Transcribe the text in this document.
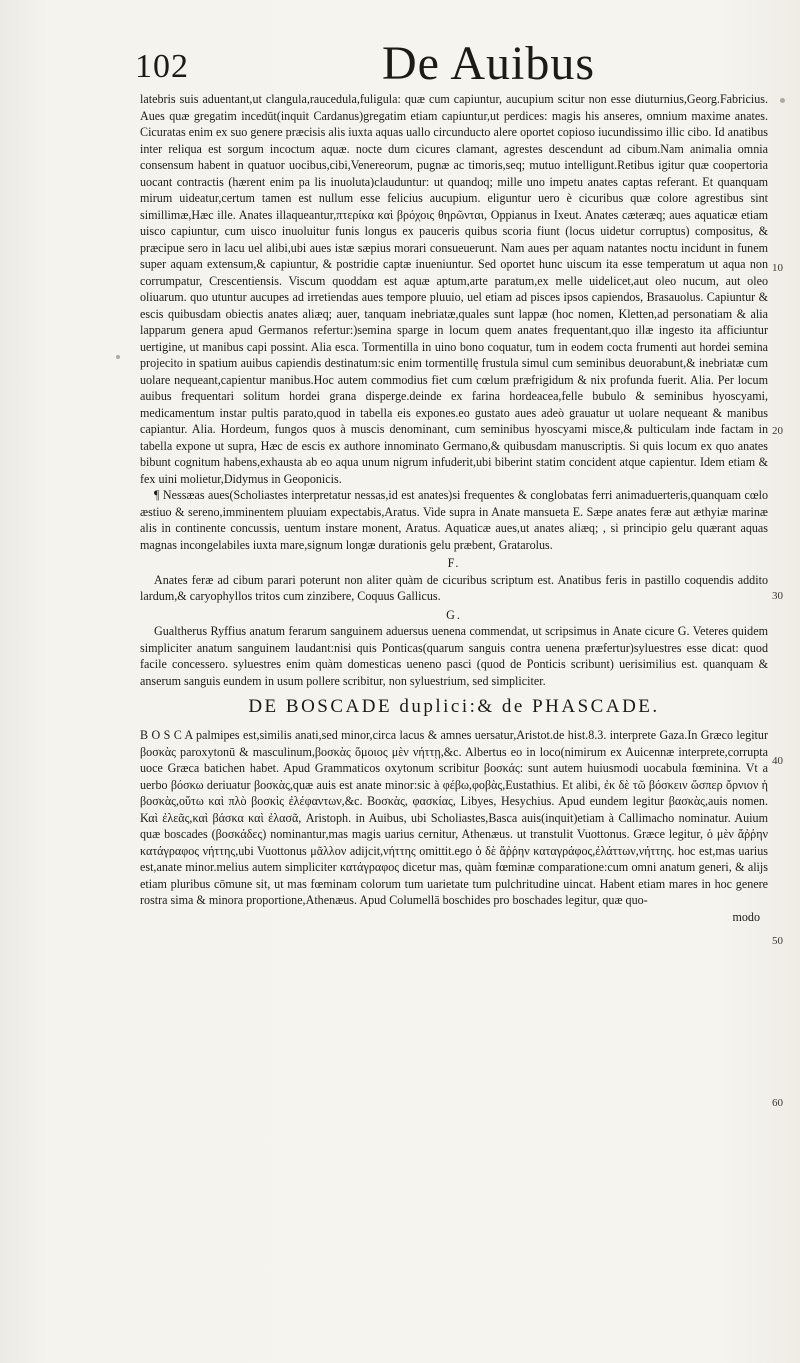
102	De Auibus

latebris suis aduentant,ut clangula,raucedula,fuligula: quæ cum capiuntur, aucupium scitur non esse diuturnius,Georg.Fabricius. Aues quæ gregatim incedūt(inquit Cardanus)gregatim etiam capiuntur,ut perdices: magis his anseres, omnium maxime anates. Cicuratas enim ex suo genere præcisis alis iuxta aquas uallo circunducto alere oportet copioso iucundissimo illic cibo. Id anatibus inter reliqua est sorgum incoctum aquæ. nocte dum cicures clamant, agrestes descendunt ad cibum.Nam animalia omnia consensum habent in quatuor uocibus,cibi,Venereorum, pugnæ ac timoris,seq; mutuo intelligunt.Retibus igitur quæ coopertoria uocant contractis (hærent enim pa lis inuoluta)clauduntur: ut quandoq; mille uno impetu anates captas referant. Et quanquam mirum uideatur,certum tamen est nullum esse felicius aucupium. eliguntur uero è cicuribus quæ colore agrestibus sint simillimæ,Hæc ille. Anates illaqueantur,πτερίκα καὶ βρόχοις θηρῶνται, Oppianus in Ixeut. Anates cæteræq; aues aquaticæ etiam uisco capiuntur, cum uisco inuoluitur funis longus ex pauceris quibus scoria fiunt (locus uidetur corruptus) compositus, & præcipue sero in lacu uel alibi,ubi aues istæ sæpius morari consueuerunt. Nam aues per aquam natantes noctu incidunt in funem super aquam extensum,& capiuntur, & postridie captæ inueniuntur. Sed oportet hunc uiscum ita esse temperatum ut aqua non corrumpatur, Crescentiensis. Viscum quoddam est aquæ aptum,arte paratum,ex melle uidelicet,aut oleo nucum, aut oleo oliuarum. quo utuntur aucupes ad irretiendas aues tempore pluuio, uel etiam ad pisces ipsos capiendos, Brasauolus. Capiuntur & escis quibusdam obiectis anates aliæq; auer, tanquam inebriatæ,quales sunt lappæ (hoc nomen, Kletten,ad personatiam & alia lapparum genera apud Germanos refertur:)semina sparge in locum quem anates frequentant,quo illæ ingesto ita afficiuntur uertigine, ut manibus capi possint. Alia esca. Tormentilla in uino bono coquatur, tum in eodem cocta frumenti aut hordei semina projecito in spatium auibus capiendis destinatum:sic enim tormentillę frustula simul cum seminibus deuorabunt,& inebriatæ cum uolare nequeant,capientur manibus.Hoc autem commodius fiet cum cœlum præfrigidum & nix profunda fuerit. Alia. Per locum auibus frequentari solitum hordei grana disperge.deinde ex farina hordeacea,felle bubulo & seminibus hyoscyami, medicamentum instar pultis parato,quod in tabella eis expones.eo gustato aues adeò grauatur ut uolare nequeant & manibus capiantur. Alia. Hordeum, fungos quos à muscis denominant, cum seminibus hyoscyami misce,& pulticulam inde factam in tabella expone ut supra, Hæc de escis ex authore innominato Germano,& quibusdam manuscriptis. Si quis locum ex quo anates bibunt cognitum habens,exhausta ab eo aqua unum nigrum infuderit,ubi biberint statim concident atque capientur. Idem etiam & fex uini molietur,Didymus in Geoponicis.

¶ Nessæas aues(Scholiastes interpretatur nessas,id est anates)si frequentes & conglobatas ferri animaduerteris,quanquam cœlo æstiuo & sereno,imminentem pluuiam expectabis,Aratus. Vide supra in Anate mansueta E. Sæpe anates feræ aut æthyiæ marinæ alis in continente concussis, uentum instare monent, Aratus. Aquaticæ aues,ut anates aliæq; , si principio gelu quærant aquas magnas incongelabiles iuxta mare,signum longæ durationis gelu præbent, Gratarolus.

F.

Anates feræ ad cibum parari poterunt non aliter quàm de cicuribus scriptum est. Anatibus feris in pastillo coquendis addito lardum,& caryophyllos tritos cum zinzibere, Coquus Gallicus.

G.

Gualtherus Ryffius anatum ferarum sanguinem aduersus uenena commendat, ut scripsimus in Anate cicure G. Veteres quidem simpliciter anatum sanguinem laudant:nisi quis Ponticas(quarum sanguis contra uenena præfertur)syluestres esse dicat: quod facile concessero. syluestres enim quàm domesticas ueneno pasci (quod de Ponticis scribunt) uerisimilius est. quanquam & anserum sanguis eundem in usum pollere scribitur, non syluestrium, sed simpliciter.

DE BOSCADE duplici:& de PHASCADE.

B O S C A palmipes est,similis anati,sed minor,circa lacus & amnes uersatur,Aristot.de hist.8.3. interprete Gaza.In Græco legitur βοσκὰς paroxytonū & masculinum,βοσκὰς ὅμοιος μὲν νήττῃ,&c. Albertus eo in loco(nimirum ex Auicennæ interprete,corrupta uoce Græca batichen habet. Apud Grammaticos oxytonum scribitur βοσκάς: sunt autem huiusmodi uocabula fœminina. Vt a uerbo βόσκω deriuatur βοσκὰς,quæ auis est anate minor:sic à φέβω,φοβὰς,Eustathius. Et alibi, ἐκ δὲ τῶ βόσκειν ὥσπερ ὄρνιον ἡ βοσκὰς,οὕτω καὶ πλὸ βοσκὶς ἐλέφαντων,&c. Βοσκὰς, φασκίας, Libyes, Hesychius. Apud eundem legitur βασκὰς,auis nomen. Καὶ ἐλεᾶς,καὶ βάσκα καὶ ἐλασᾶ, Aristoph. in Auibus, ubi Scholiastes,Basca auis(inquit)etiam à Callimacho nominatur. Auium quæ boscades (βοσκάδες) nominantur,mas magis uarius cernitur, Athenæus. ut transtulit Vuottonus. Græce legitur, ὁ μὲν ἄῤῥην κατάγραφος νήττης,ubi Vuottonus μᾶλλον adijcit,νήττης omittit.ego ὁ δὲ ἄῤῥην καταγράφος,ἐλάττων,νήττης. hoc est,mas uarius est,anate minor.melius autem simpliciter κατάγραφος dicetur mas, quàm fœminæ comparatione:cum omni anatum generi, & alijs etiam pluribus cōmune sit, ut mas fœminam colorum tum uarietate tum pulchritudine uincat. Habent etiam mares in hoc genere rostra sima & minora proportione,Athenæus. Apud Columellā boschides pro boschades legitur, quæ quo-

modo
10
20
30
40
50
60
